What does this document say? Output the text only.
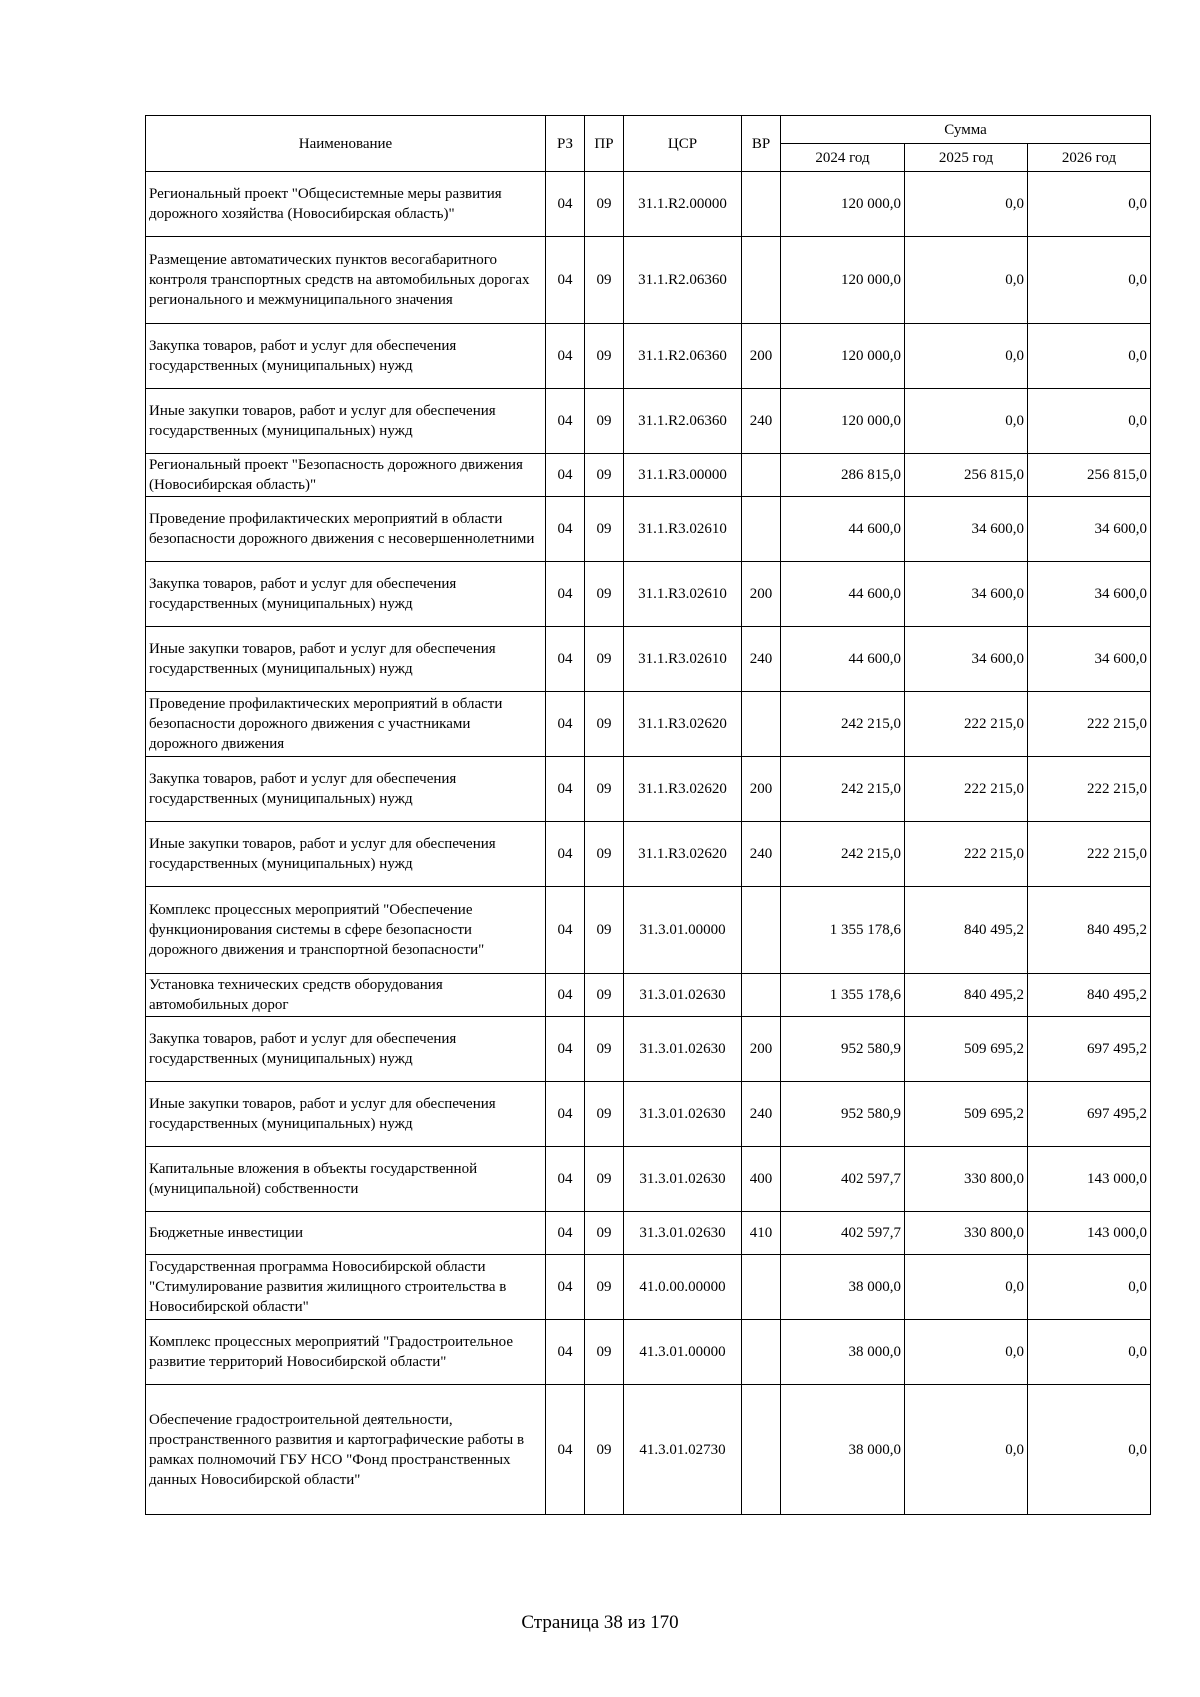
Наименование	РЗ	ПР	ЦСР	ВР	Сумма		
					2024 год	2025 год	2026 год
Региональный проект "Общесистемные меры развития дорожного хозяйства (Новосибирская область)"	04	09	31.1.R2.00000		120 000,0	0,0	0,0
Размещение автоматических пунктов весогабаритного контроля транспортных средств на автомобильных дорогах регионального и межмуниципального значения	04	09	31.1.R2.06360		120 000,0	0,0	0,0
Закупка товаров, работ и услуг для обеспечения государственных (муниципальных) нужд	04	09	31.1.R2.06360	200	120 000,0	0,0	0,0
Иные закупки товаров, работ и услуг для обеспечения государственных (муниципальных) нужд	04	09	31.1.R2.06360	240	120 000,0	0,0	0,0
Региональный проект "Безопасность дорожного движения (Новосибирская область)"	04	09	31.1.R3.00000		286 815,0	256 815,0	256 815,0
Проведение профилактических мероприятий в области безопасности дорожного движения с несовершеннолетними	04	09	31.1.R3.02610		44 600,0	34 600,0	34 600,0
Закупка товаров, работ и услуг для обеспечения государственных (муниципальных) нужд	04	09	31.1.R3.02610	200	44 600,0	34 600,0	34 600,0
Иные закупки товаров, работ и услуг для обеспечения государственных (муниципальных) нужд	04	09	31.1.R3.02610	240	44 600,0	34 600,0	34 600,0
Проведение профилактических мероприятий в области безопасности дорожного движения с участниками дорожного движения	04	09	31.1.R3.02620		242 215,0	222 215,0	222 215,0
Закупка товаров, работ и услуг для обеспечения государственных (муниципальных) нужд	04	09	31.1.R3.02620	200	242 215,0	222 215,0	222 215,0
Иные закупки товаров, работ и услуг для обеспечения государственных (муниципальных) нужд	04	09	31.1.R3.02620	240	242 215,0	222 215,0	222 215,0
Комплекс процессных мероприятий "Обеспечение функционирования системы в сфере безопасности дорожного движения и транспортной безопасности"	04	09	31.3.01.00000		1 355 178,6	840 495,2	840 495,2
Установка технических средств оборудования автомобильных дорог	04	09	31.3.01.02630		1 355 178,6	840 495,2	840 495,2
Закупка товаров, работ и услуг для обеспечения государственных (муниципальных) нужд	04	09	31.3.01.02630	200	952 580,9	509 695,2	697 495,2
Иные закупки товаров, работ и услуг для обеспечения государственных (муниципальных) нужд	04	09	31.3.01.02630	240	952 580,9	509 695,2	697 495,2
Капитальные вложения в объекты государственной (муниципальной) собственности	04	09	31.3.01.02630	400	402 597,7	330 800,0	143 000,0
Бюджетные инвестиции	04	09	31.3.01.02630	410	402 597,7	330 800,0	143 000,0
Государственная программа Новосибирской области "Стимулирование развития жилищного строительства в Новосибирской области"	04	09	41.0.00.00000		38 000,0	0,0	0,0
Комплекс процессных мероприятий "Градостроительное развитие территорий Новосибирской области"	04	09	41.3.01.00000		38 000,0	0,0	0,0
Обеспечение градостроительной деятельности, пространственного развития и картографические работы в рамках полномочий ГБУ НСО "Фонд пространственных данных Новосибирской области"	04	09	41.3.01.02730		38 000,0	0,0	0,0
Страница 38 из 170
